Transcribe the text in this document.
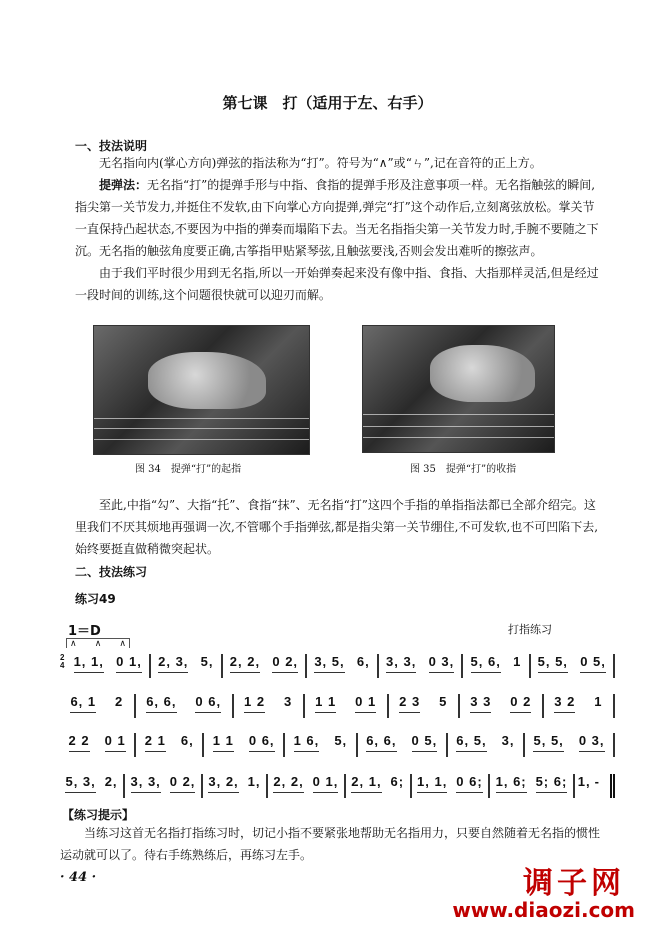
第七课　打（适用于左、右手）
一、技法说明

无名指向内(掌心方向)弹弦的指法称为“打”。符号为“∧”或“ㄣ”,记在音符的正上方。

提弹法：无名指“打”的提弹手形与中指、食指的提弹手形及注意事项一样。无名指触弦的瞬间,指尖第一关节发力,并挺住不发软,由下向掌心方向提弹,弹完“打”这个动作后,立刻离弦放松。掌关节一直保持凸起状态,不要因为中指的弹奏而塌陷下去。当无名指指尖第一关节发力时,手腕不要随之下沉。无名指的触弦角度要正确,古筝指甲贴紧琴弦,且触弦要浅,否则会发出难听的擦弦声。

由于我们平时很少用到无名指,所以一开始弹奏起来没有像中指、食指、大指那样灵活,但是经过一段时间的训练,这个问题很快就可以迎刃而解。

图 34　提弹“打”的起指	图 35　提弹“打”的收指

至此,中指“勾”、大指“托”、食指“抹”、无名指“打”这四个手指的单指指法都已全部介绍完。这里我们不厌其烦地再强调一次,不管哪个手指弹弦,都是指尖第一关节绷住,不可发软,也不可凹陷下去,始终要挺直做稍微突起状。

二、技法练习
练习49
1＝D	打指练习
∧ ∧ ∧
2
4 1, 1, 0 1, 2, 3, 5, 2, 2, 0 2, 3, 5, 6, 3, 3, 0 3, 5, 6, 1 5, 5, 0 5,
6, 1 2 6, 6, 0 6, 1 2 3 1 1 0 1 2 3 5 3 3 0 2 3 2 1
2 2 0 1 2 1 6, 1 1 0 6, 1 6, 5, 6, 6, 0 5, 6, 5, 3, 5, 5, 0 3,
5, 3, 2, 3, 3, 0 2, 3, 2, 1, 2, 2, 0 1, 2, 1, 6; 1, 1, 0 6; 1, 6; 5; 6; 1, -
【练习提示】

当练习这首无名指打指练习时，切记小指不要紧张地帮助无名指用力，只要自然随着无名指的惯性运动就可以了。待右手练熟练后，再练习左手。

· 44 ·	调子网
www.diaozi.com
